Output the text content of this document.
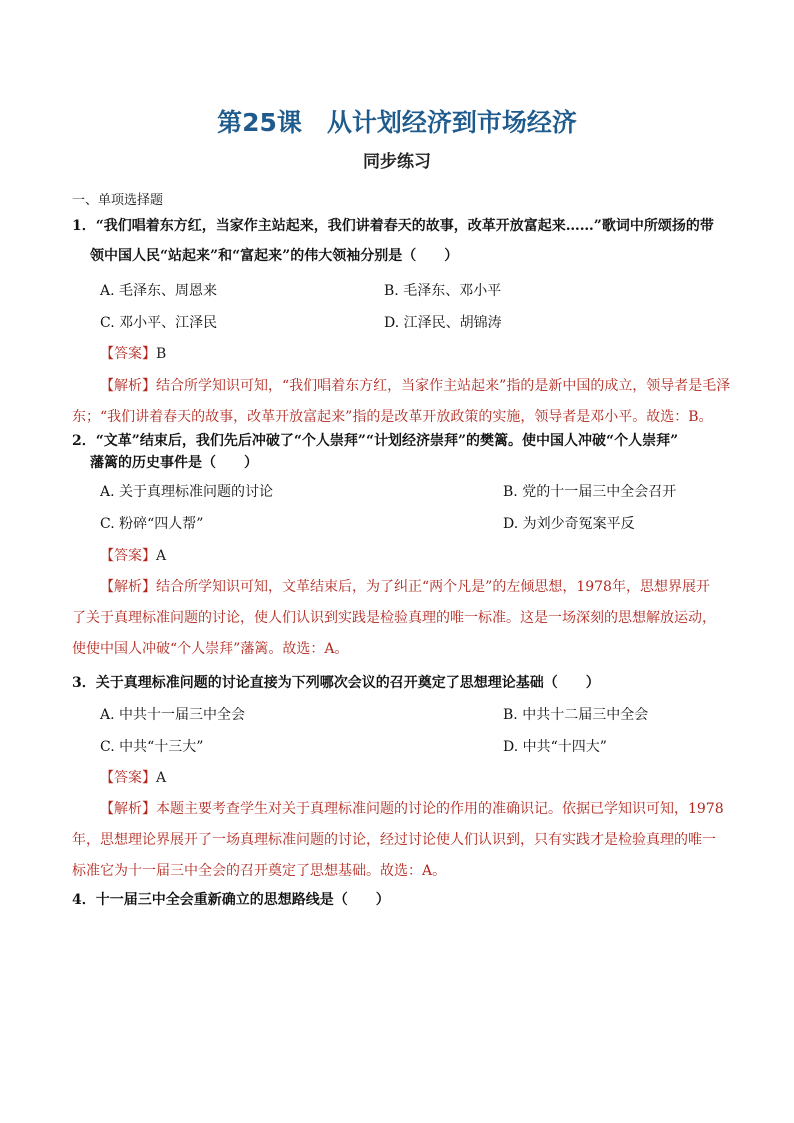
第25课　从计划经济到市场经济
同步练习
一、单项选择题
1．“我们唱着东方红，当家作主站起来，我们讲着春天的故事，改革开放富起来……”歌词中所颂扬的带
领中国人民“站起来”和“富起来”的伟大领袖分别是（　　）
A. 毛泽东、周恩来	B. 毛泽东、邓小平
C. 邓小平、江泽民	D. 江泽民、胡锦涛
【答案】B
【解析】结合所学知识可知，“我们唱着东方红，当家作主站起来”指的是新中国的成立，领导者是毛泽
东；“我们讲着春天的故事，改革开放富起来”指的是改革开放政策的实施，领导者是邓小平。故选：B。
2．“文革”结束后，我们先后冲破了“个人崇拜”“计划经济崇拜”的樊篱。使中国人冲破“个人崇拜”
藩篱的历史事件是（　　）
A. 关于真理标准问题的讨论	B. 党的十一届三中全会召开
C. 粉碎“四人帮”	D. 为刘少奇冤案平反
【答案】A
【解析】结合所学知识可知，文革结束后，为了纠正“两个凡是”的左倾思想，1978年，思想界展开
了关于真理标准问题的讨论，使人们认识到实践是检验真理的唯一标准。这是一场深刻的思想解放运动，
使使中国人冲破“个人崇拜”藩篱。故选：A。
3．关于真理标准问题的讨论直接为下列哪次会议的召开奠定了思想理论基础（　　）
A. 中共十一届三中全会	B. 中共十二届三中全会
C. 中共“十三大”	D. 中共“十四大”
【答案】A
【解析】本题主要考查学生对关于真理标准问题的讨论的作用的准确识记。依据已学知识可知，1978
年，思想理论界展开了一场真理标准问题的讨论，经过讨论使人们认识到，只有实践才是检验真理的唯一
标准它为十一届三中全会的召开奠定了思想基础。故选：A。
4．十一届三中全会重新确立的思想路线是（　　）
